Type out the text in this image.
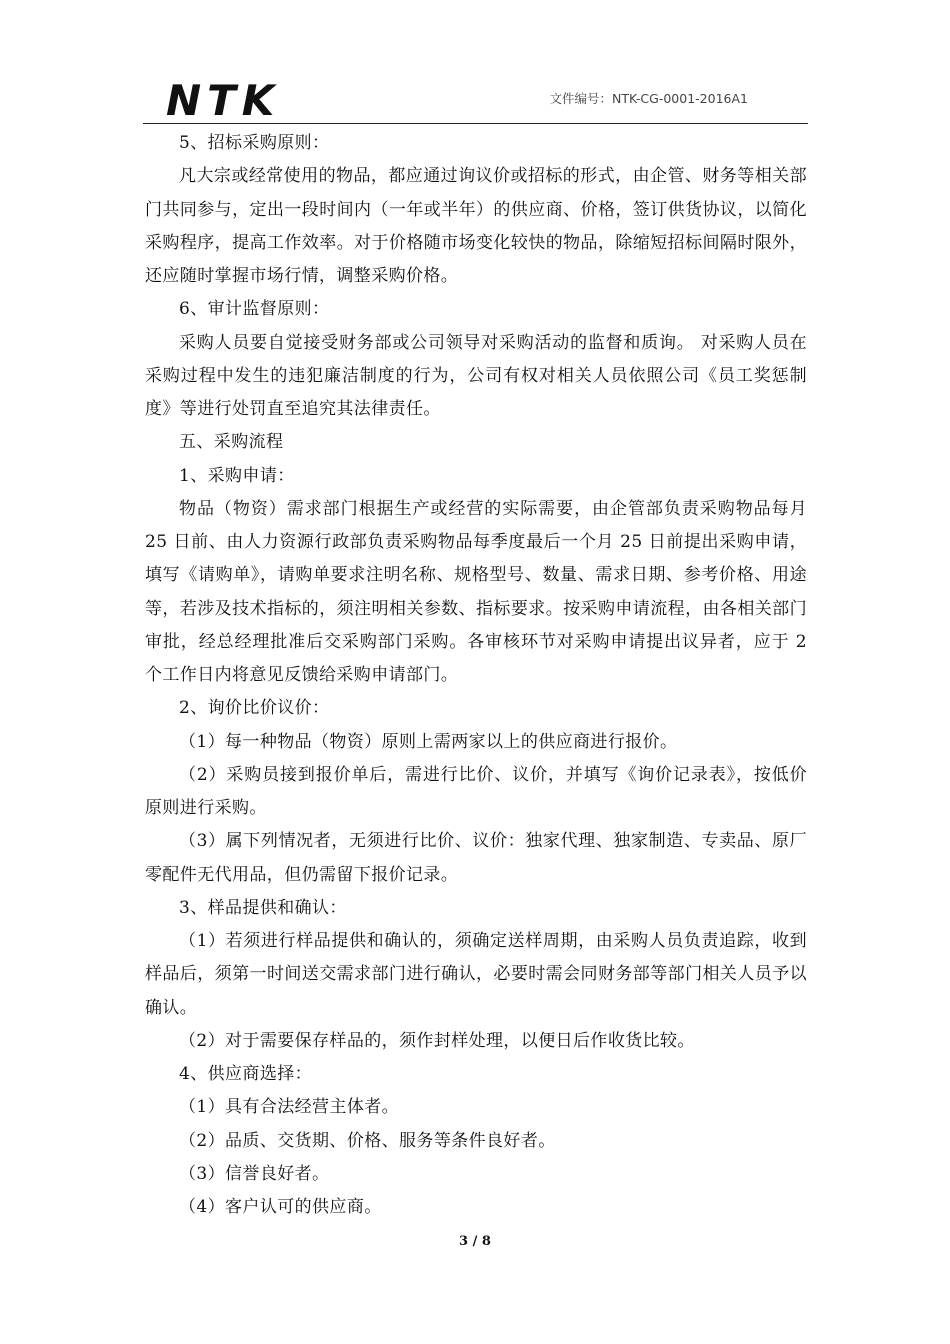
NTK	文件编号：NTK-CG-0001-2016A1

5、招标采购原则：

凡大宗或经常使用的物品，都应通过询议价或招标的形式，由企管、财务等相关部门共同参与，定出一段时间内（一年或半年）的供应商、价格，签订供货协议，以简化采购程序，提高工作效率。对于价格随市场变化较快的物品，除缩短招标间隔时限外，还应随时掌握市场行情，调整采购价格。

6、审计监督原则：

采购人员要自觉接受财务部或公司领导对采购活动的监督和质询。 对采购人员在采购过程中发生的违犯廉洁制度的行为，公司有权对相关人员依照公司《员工奖惩制度》等进行处罚直至追究其法律责任。

五、采购流程

1、采购申请：

物品（物资）需求部门根据生产或经营的实际需要，由企管部负责采购物品每月 25 日前、由人力资源行政部负责采购物品每季度最后一个月 25 日前提出采购申请，填写《请购单》，请购单要求注明名称、规格型号、数量、需求日期、参考价格、用途等，若涉及技术指标的，须注明相关参数、指标要求。按采购申请流程，由各相关部门审批，经总经理批准后交采购部门采购。各审核环节对采购申请提出议异者，应于 2 个工作日内将意见反馈给采购申请部门。

2、询价比价议价：

（1）每一种物品（物资）原则上需两家以上的供应商进行报价。

（2）采购员接到报价单后，需进行比价、议价，并填写《询价记录表》，按低价原则进行采购。

（3）属下列情况者，无须进行比价、议价：独家代理、独家制造、专卖品、原厂零配件无代用品，但仍需留下报价记录。

3、样品提供和确认：

（1）若须进行样品提供和确认的，须确定送样周期，由采购人员负责追踪，收到样品后，须第一时间送交需求部门进行确认，必要时需会同财务部等部门相关人员予以确认。

（2）对于需要保存样品的，须作封样处理，以便日后作收货比较。

4、供应商选择：

（1）具有合法经营主体者。

（2）品质、交货期、价格、服务等条件良好者。

（3）信誉良好者。

（4）客户认可的供应商。

3 / 8
